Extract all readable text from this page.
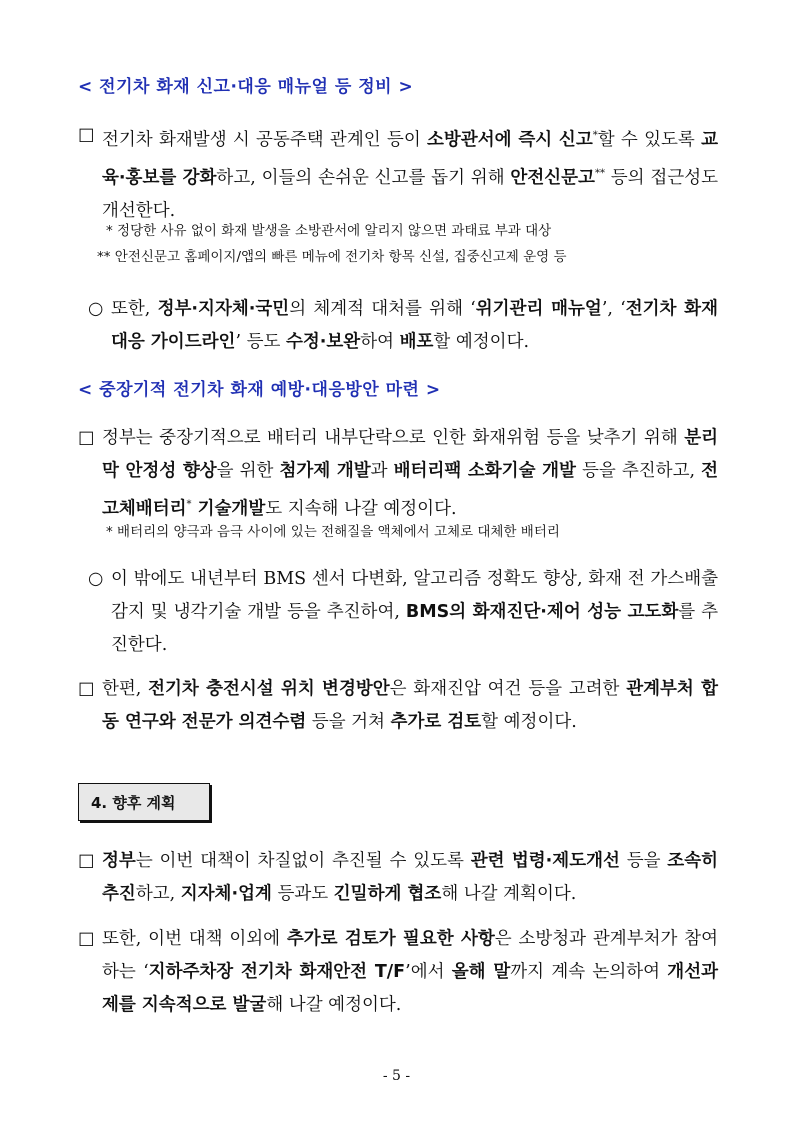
< 전기차 화재 신고·대응 매뉴얼 등 정비 >
□ 전기차 화재발생 시 공동주택 관계인 등이 소방관서에 즉시 신고*할 수 있도록 교육·홍보를 강화하고, 이들의 손쉬운 신고를 돕기 위해 안전신문고** 등의 접근성도 개선한다.
* 정당한 사유 없이 화재 발생을 소방관서에 알리지 않으면 과태료 부과 대상
** 안전신문고 홈페이지/앱의 빠른 메뉴에 전기차 항목 신설, 집중신고제 운영 등
○ 또한, 정부·지자체·국민의 체계적 대처를 위해 ‘위기관리 매뉴얼’, ‘전기차 화재 대응 가이드라인’ 등도 수정·보완하여 배포할 예정이다.
< 중장기적 전기차 화재 예방·대응방안 마련 >
□ 정부는 중장기적으로 배터리 내부단락으로 인한 화재위험 등을 낮추기 위해 분리막 안정성 향상을 위한 첨가제 개발과 배터리팩 소화기술 개발 등을 추진하고, 전고체배터리* 기술개발도 지속해 나갈 예정이다.
* 배터리의 양극과 음극 사이에 있는 전해질을 액체에서 고체로 대체한 배터리
○ 이 밖에도 내년부터 BMS 센서 다변화, 알고리즘 정확도 향상, 화재 전 가스배출 감지 및 냉각기술 개발 등을 추진하여, BMS의 화재진단·제어 성능 고도화를 추진한다.
□ 한편, 전기차 충전시설 위치 변경방안은 화재진압 여건 등을 고려한 관계부처 합동 연구와 전문가 의견수렴 등을 거쳐 추가로 검토할 예정이다.
4. 향후 계획
□ 정부는 이번 대책이 차질없이 추진될 수 있도록 관련 법령·제도개선 등을 조속히 추진하고, 지자체·업계 등과도 긴밀하게 협조해 나갈 계획이다.
□ 또한, 이번 대책 이외에 추가로 검토가 필요한 사항은 소방청과 관계부처가 참여하는 ‘지하주차장 전기차 화재안전 T/F’에서 올해 말까지 계속 논의하여 개선과제를 지속적으로 발굴해 나갈 예정이다.
- 5 -
